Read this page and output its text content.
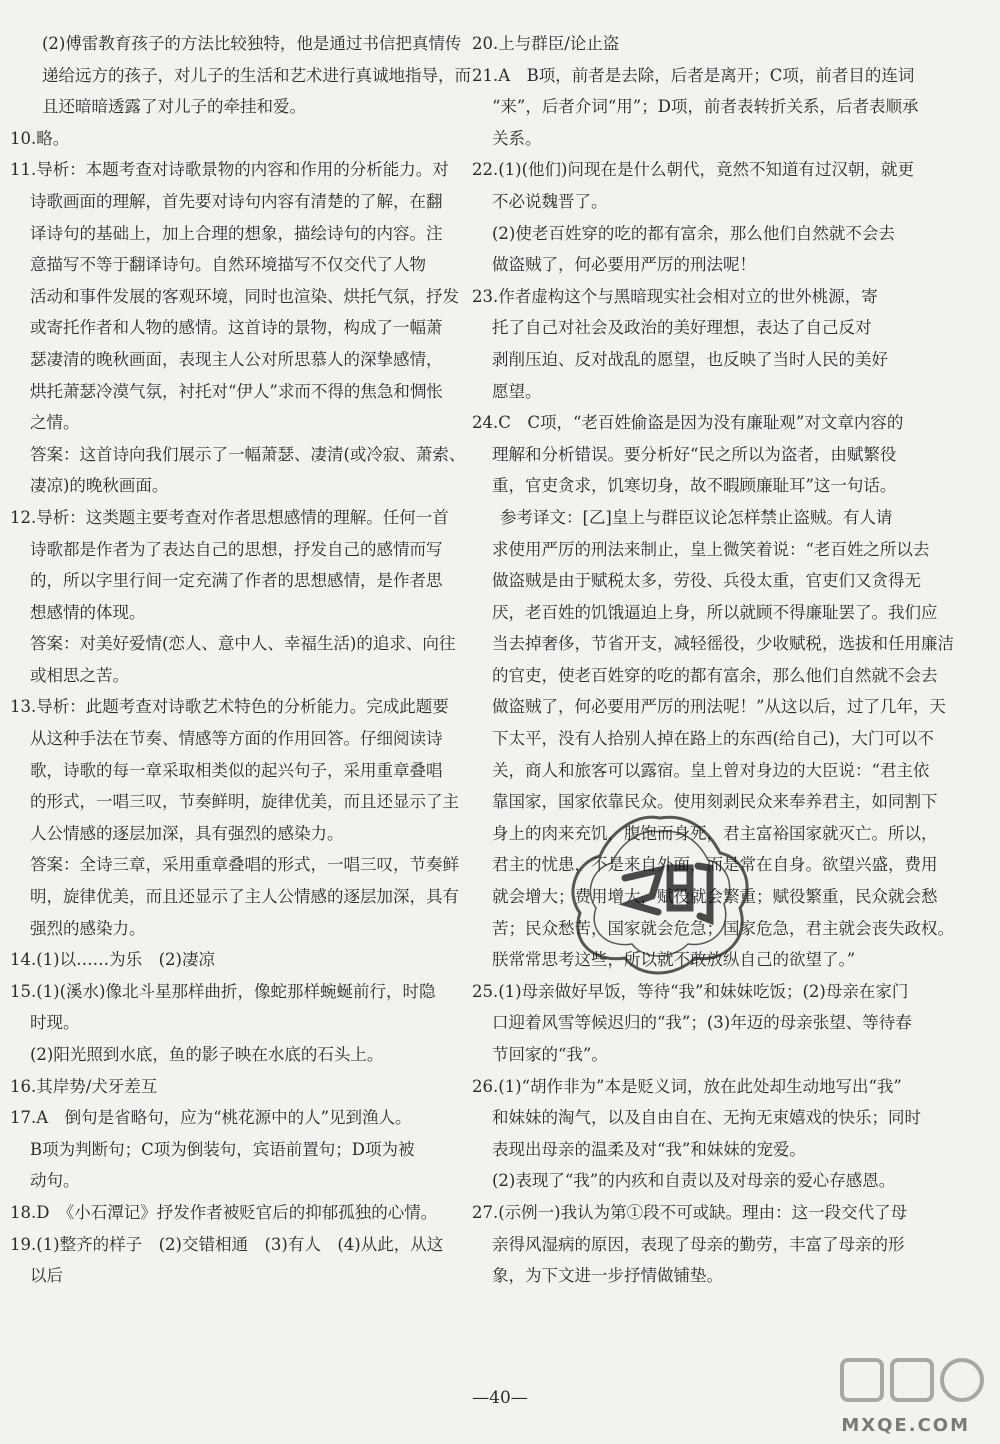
(2)傅雷教育孩子的方法比较独特，他是通过书信把真情传

递给远方的孩子，对儿子的生活和艺术进行真诚地指导，而

且还暗暗透露了对儿子的牵挂和爱。

10.略。

11.导析：本题考查对诗歌景物的内容和作用的分析能力。对

诗歌画面的理解，首先要对诗句内容有清楚的了解，在翻

译诗句的基础上，加上合理的想象，描绘诗句的内容。注

意描写不等于翻译诗句。自然环境描写不仅交代了人物

活动和事件发展的客观环境，同时也渲染、烘托气氛，抒发

或寄托作者和人物的感情。这首诗的景物，构成了一幅萧

瑟凄清的晚秋画面，表现主人公对所思慕人的深挚感情，

烘托萧瑟冷漠气氛，衬托对“伊人”求而不得的焦急和惆怅

之情。

答案：这首诗向我们展示了一幅萧瑟、凄清(或冷寂、萧索、

凄凉)的晚秋画面。

12.导析：这类题主要考查对作者思想感情的理解。任何一首

诗歌都是作者为了表达自己的思想，抒发自己的感情而写

的，所以字里行间一定充满了作者的思想感情，是作者思

想感情的体现。

答案：对美好爱情(恋人、意中人、幸福生活)的追求、向往

或相思之苦。

13.导析：此题考查对诗歌艺术特色的分析能力。完成此题要

从这种手法在节奏、情感等方面的作用回答。仔细阅读诗

歌，诗歌的每一章采取相类似的起兴句子，采用重章叠唱

的形式，一唱三叹，节奏鲜明，旋律优美，而且还显示了主

人公情感的逐层加深，具有强烈的感染力。

答案：全诗三章，采用重章叠唱的形式，一唱三叹，节奏鲜

明，旋律优美，而且还显示了主人公情感的逐层加深，具有

强烈的感染力。

14.(1)以……为乐　(2)凄凉

15.(1)(溪水)像北斗星那样曲折，像蛇那样蜿蜒前行，时隐

时现。

(2)阳光照到水底，鱼的影子映在水底的石头上。

16.其岸势/犬牙差互

17.A　倒句是省略句，应为“桃花源中的人”见到渔人。

B项为判断句；C项为倒装句，宾语前置句；D项为被

动句。

18.D　《小石潭记》抒发作者被贬官后的抑郁孤独的心情。

19.(1)整齐的样子　(2)交错相通　(3)有人　(4)从此，从这

以后

20.上与群臣/论止盗

21.A　B项，前者是去除，后者是离开；C项，前者目的连词

“来”，后者介词“用”；D项，前者表转折关系，后者表顺承

关系。

22.(1)(他们)问现在是什么朝代，竟然不知道有过汉朝，就更

不必说魏晋了。

(2)使老百姓穿的吃的都有富余，那么他们自然就不会去

做盗贼了，何必要用严厉的刑法呢！

23.作者虚构这个与黑暗现实社会相对立的世外桃源，寄

托了自己对社会及政治的美好理想，表达了自己反对

剥削压迫、反对战乱的愿望，也反映了当时人民的美好

愿望。

24.C　C项，“老百姓偷盗是因为没有廉耻观”对文章内容的

理解和分析错误。要分析好“民之所以为盗者，由赋繁役

重，官吏贪求，饥寒切身，故不暇顾廉耻耳”这一句话。

参考译文：[乙]皇上与群臣议论怎样禁止盗贼。有人请

求使用严厉的刑法来制止，皇上微笑着说：“老百姓之所以去

做盗贼是由于赋税太多，劳役、兵役太重，官吏们又贪得无

厌，老百姓的饥饿逼迫上身，所以就顾不得廉耻罢了。我们应

当去掉奢侈，节省开支，减轻徭役，少收赋税，选拔和任用廉洁

的官吏，使老百姓穿的吃的都有富余，那么他们自然就不会去

做盗贼了，何必要用严厉的刑法呢！”从这以后，过了几年，天

下太平，没有人拾别人掉在路上的东西(给自己)，大门可以不

关，商人和旅客可以露宿。皇上曾对身边的大臣说：“君主依

靠国家，国家依靠民众。使用刻剥民众来奉养君主，如同割下

身上的肉来充饥，腹饱而身死，君主富裕国家就灭亡。所以，

君主的忧患，不是来自外面，而是常在自身。欲望兴盛，费用

就会增大；费用增大，赋役就会繁重；赋役繁重，民众就会愁

苦；民众愁苦，国家就会危急；国家危急，君主就会丧失政权。

朕常常思考这些，所以就不敢放纵自己的欲望了。”

25.(1)母亲做好早饭，等待“我”和妹妹吃饭；(2)母亲在家门

口迎着风雪等候迟归的“我”；(3)年迈的母亲张望、等待春

节回家的“我”。

26.(1)“胡作非为”本是贬义词，放在此处却生动地写出“我”

和妹妹的淘气，以及自由自在、无拘无束嬉戏的快乐；同时

表现出母亲的温柔及对“我”和妹妹的宠爱。

(2)表现了“我”的内疚和自责以及对母亲的爱心存感恩。

27.(示例一)我认为第①段不可或缺。理由：这一段交代了母

亲得风湿病的原因，表现了母亲的勤劳，丰富了母亲的形

象，为下文进一步抒情做铺垫。

MXQE.COM
—40—
